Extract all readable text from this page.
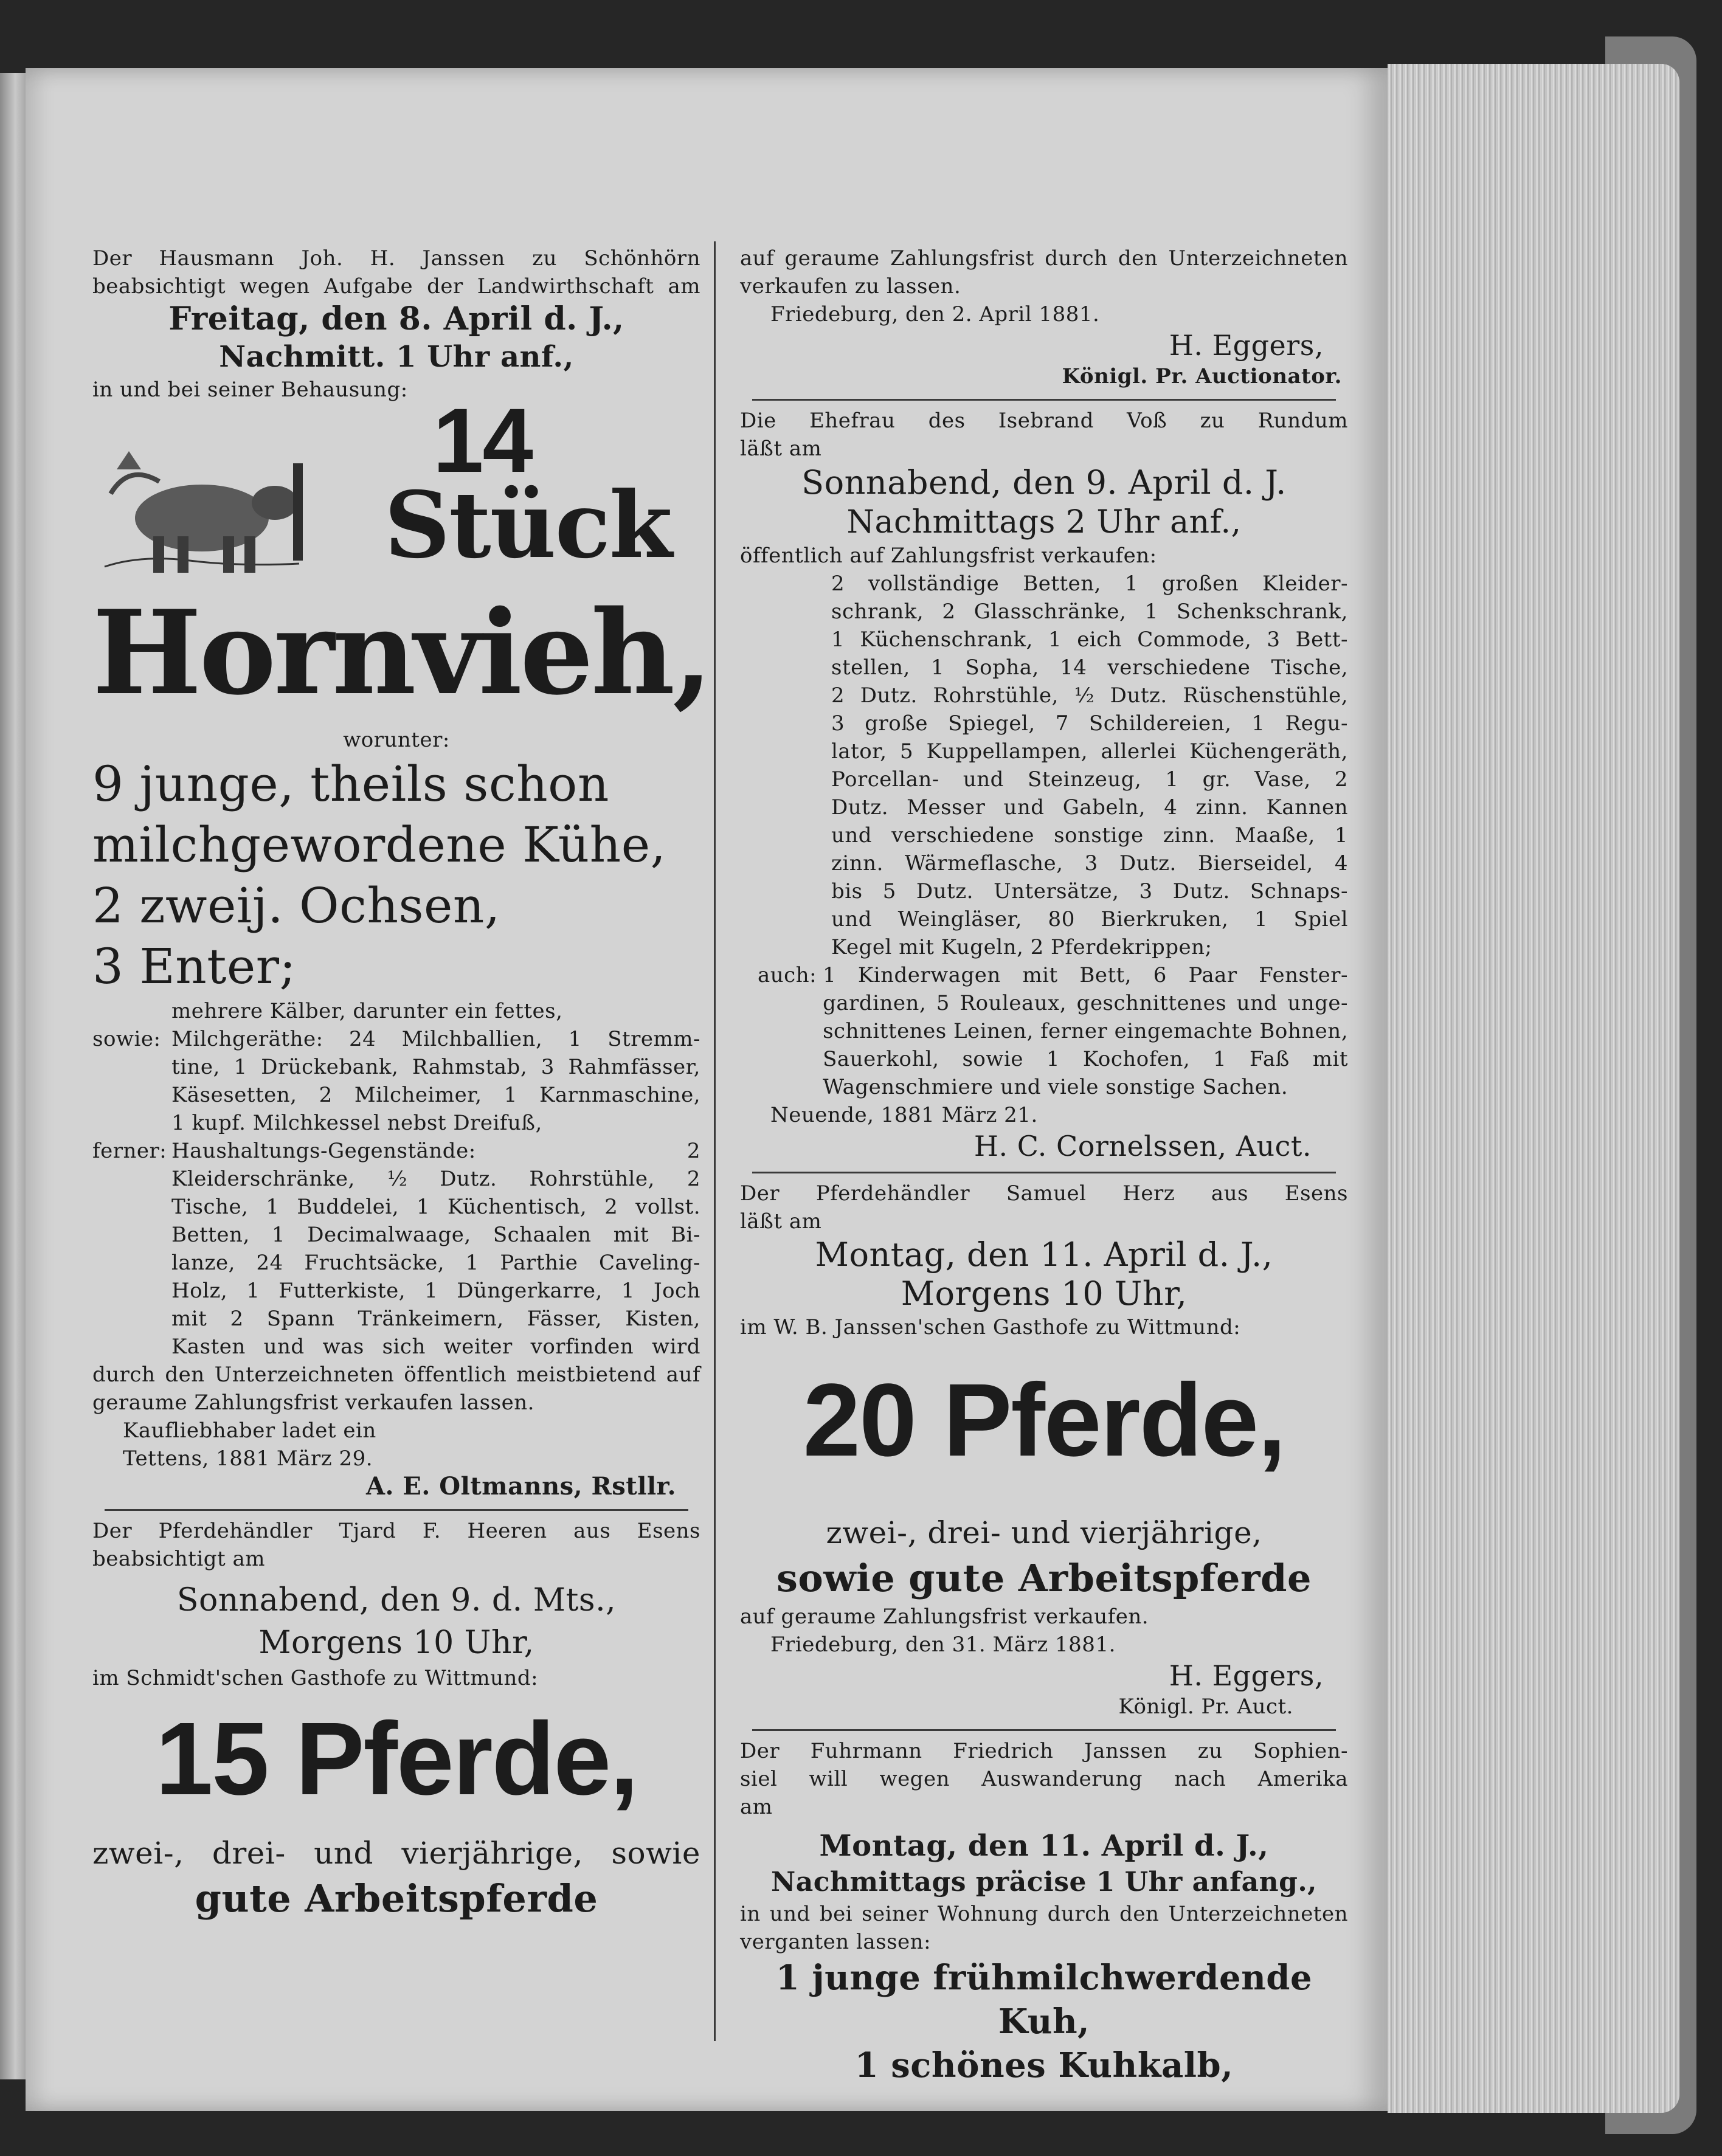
Der Hausmann Joh. H. Janssen zu Schönhörn
beabsichtigt wegen Aufgabe der Landwirthschaft am
Freitag, den 8. April d. J.,
Nachmitt. 1 Uhr anf.,
in und bei seiner Behausung: 14
Stück
Hornvieh,
worunter:
9 junge, theils schon
milchgewordene Kühe,
2 zweij. Ochsen,
3 Enter;
mehrere Kälber, darunter ein fettes,
sowie: Milchgeräthe: 24 Milchballien, 1 Stremm-
tine, 1 Drückebank, Rahmstab, 3 Rahmfässer,
Käsesetten, 2 Milcheimer, 1 Karnmaschine,
1 kupf. Milchkessel nebst Dreifuß,
ferner: Haushaltungs-Gegenstände: 2
Kleiderschränke, ½ Dutz. Rohrstühle, 2
Tische, 1 Buddelei, 1 Küchentisch, 2 vollst.
Betten, 1 Decimalwaage, Schaalen mit Bi-
lanze, 24 Fruchtsäcke, 1 Parthie Caveling-
Holz, 1 Futterkiste, 1 Düngerkarre, 1 Joch
mit 2 Spann Tränkeimern, Fässer, Kisten,
Kasten und was sich weiter vorfinden wird
durch den Unterzeichneten öffentlich meistbietend auf
geraume Zahlungsfrist verkaufen lassen.
Kaufliebhaber ladet ein
Tettens, 1881 März 29.
A. E. Oltmanns, Rstllr.
Der Pferdehändler Tjard F. Heeren aus Esens
beabsichtigt am
Sonnabend, den 9. d. Mts.,
Morgens 10 Uhr,
im Schmidt'schen Gasthofe zu Wittmund:
15 Pferde,
zwei-, drei- und vierjährige, sowie
gute Arbeitspferde
auf geraume Zahlungsfrist durch den Unterzeichneten
verkaufen zu lassen.
Friedeburg, den 2. April 1881.
H. Eggers,
Königl. Pr. Auctionator.
Die Ehefrau des Isebrand Voß zu Rundum
läßt am
Sonnabend, den 9. April d. J.
Nachmittags 2 Uhr anf.,
öffentlich auf Zahlungsfrist verkaufen:
2 vollständige Betten, 1 großen Kleider-
schrank, 2 Glasschränke, 1 Schenkschrank,
1 Küchenschrank, 1 eich Commode, 3 Bett-
stellen, 1 Sopha, 14 verschiedene Tische,
2 Dutz. Rohrstühle, ½ Dutz. Rüschenstühle,
3 große Spiegel, 7 Schildereien, 1 Regu-
lator, 5 Kuppellampen, allerlei Küchengeräth,
Porcellan- und Steinzeug, 1 gr. Vase, 2
Dutz. Messer und Gabeln, 4 zinn. Kannen
und verschiedene sonstige zinn. Maaße, 1
zinn. Wärmeflasche, 3 Dutz. Bierseidel, 4
bis 5 Dutz. Untersätze, 3 Dutz. Schnaps-
und Weingläser, 80 Bierkruken, 1 Spiel
Kegel mit Kugeln, 2 Pferdekrippen;
auch: 1 Kinderwagen mit Bett, 6 Paar Fenster-
gardinen, 5 Rouleaux, geschnittenes und unge-
schnittenes Leinen, ferner eingemachte Bohnen,
Sauerkohl, sowie 1 Kochofen, 1 Faß mit
Wagenschmiere und viele sonstige Sachen.
Neuende, 1881 März 21.
H. C. Cornelssen, Auct.
Der Pferdehändler Samuel Herz aus Esens
läßt am
Montag, den 11. April d. J.,
Morgens 10 Uhr,
im W. B. Janssen'schen Gasthofe zu Wittmund:
20 Pferde,
zwei-, drei- und vierjährige,
sowie gute Arbeitspferde
auf geraume Zahlungsfrist verkaufen.
Friedeburg, den 31. März 1881.
H. Eggers,
Königl. Pr. Auct.
Der Fuhrmann Friedrich Janssen zu Sophien-
siel will wegen Auswanderung nach Amerika
am
Montag, den 11. April d. J.,
Nachmittags präcise 1 Uhr anfang.,
in und bei seiner Wohnung durch den Unterzeichneten
verganten lassen:
1 junge frühmilchwerdende
Kuh,
1 schönes Kuhkalb,
